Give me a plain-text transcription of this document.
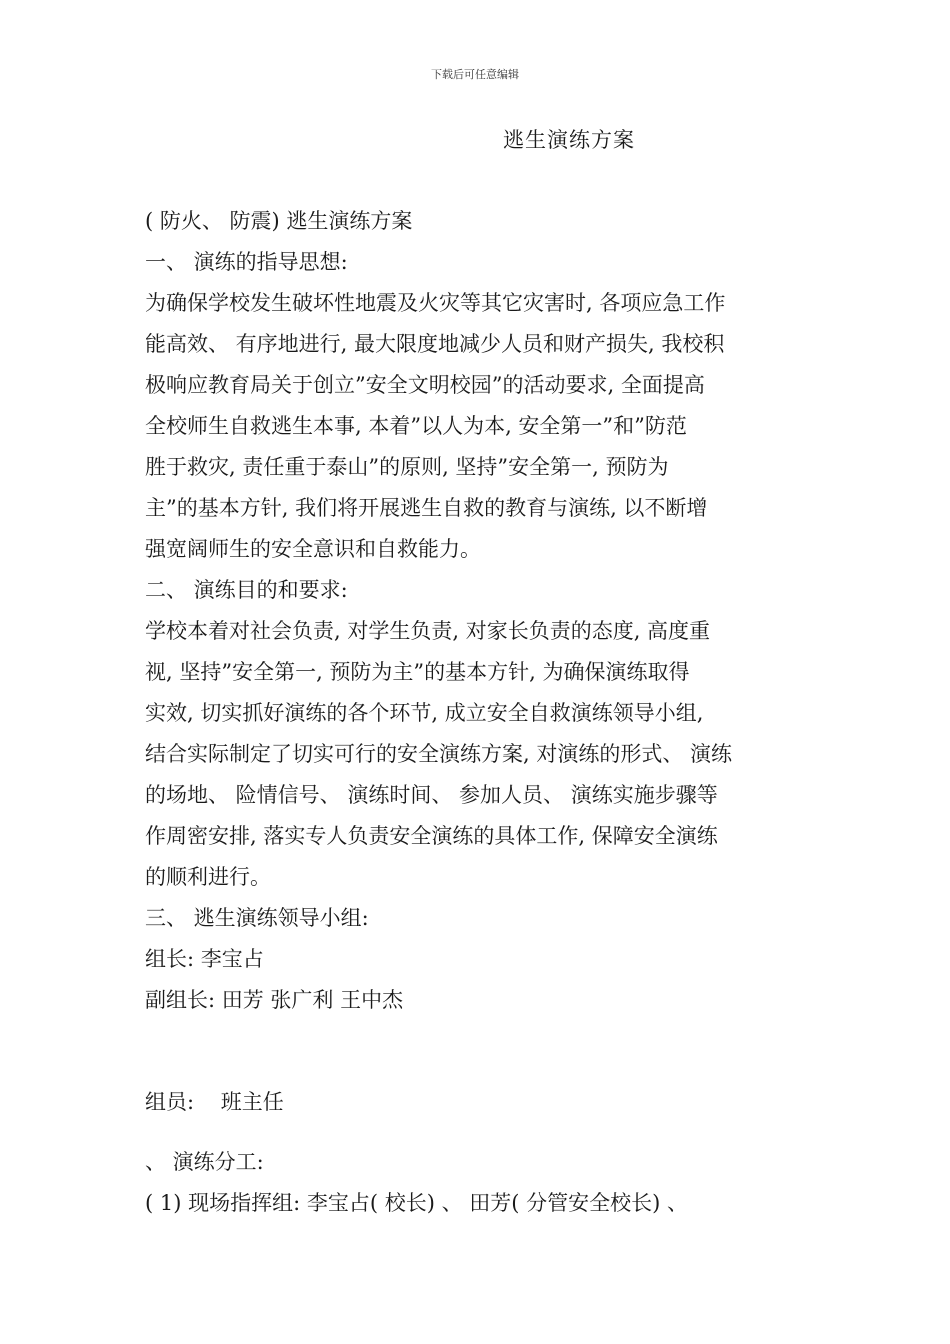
下载后可任意编辑
逃生演练方案
( 防火、 防震) 逃生演练方案
一、 演练的指导思想:
为确保学校发生破坏性地震及火灾等其它灾害时, 各项应急工作
能高效、 有序地进行, 最大限度地减少人员和财产损失, 我校积
极响应教育局关于创立”安全文明校园”的活动要求, 全面提高
全校师生自救逃生本事, 本着”以人为本, 安全第一”和”防范
胜于救灾, 责任重于泰山”的原则, 坚持”安全第一, 预防为
主”的基本方针, 我们将开展逃生自救的教育与演练, 以不断增
强宽阔师生的安全意识和自救能力。
二、 演练目的和要求:
学校本着对社会负责, 对学生负责, 对家长负责的态度, 高度重
视, 坚持”安全第一, 预防为主”的基本方针, 为确保演练取得
实效, 切实抓好演练的各个环节, 成立安全自救演练领导小组,
结合实际制定了切实可行的安全演练方案, 对演练的形式、 演练
的场地、 险情信号、 演练时间、 参加人员、 演练实施步骤等
作周密安排, 落实专人负责安全演练的具体工作, 保障安全演练
的顺利进行。
三、 逃生演练领导小组:
组长: 李宝占
副组长: 田芳 张广利 王中杰
组员:    班主任
、 演练分工:
( 1) 现场指挥组: 李宝占( 校长) 、 田芳( 分管安全校长) 、
